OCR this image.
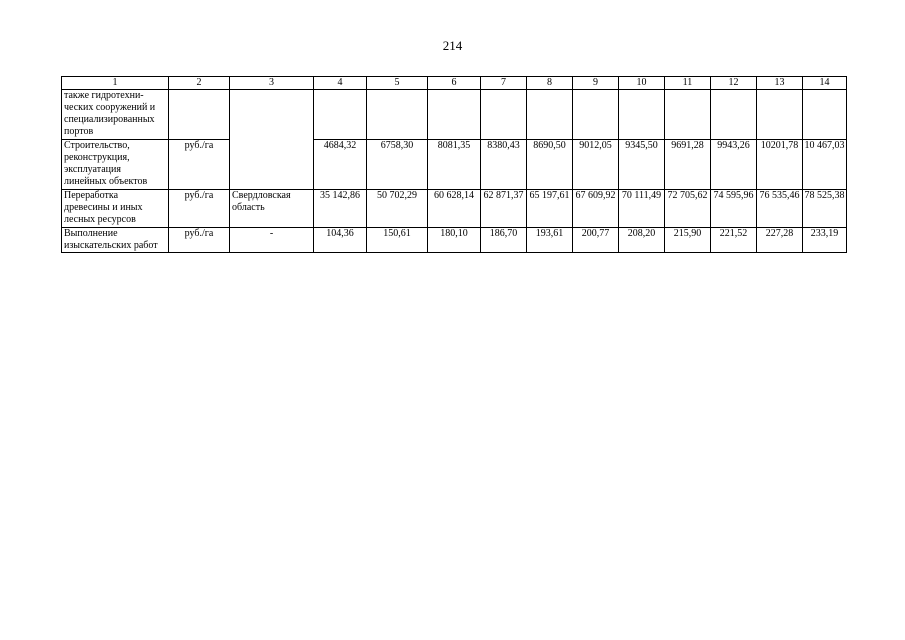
214
1	2	3	4	5	6	7	8	9	10	11	12	13	14
также гидротехни-ческих сооружений и специализированных портов													
Строительство, реконструкция, эксплуатация линейных объектов	руб./га		4684,32	6758,30	8081,35	8380,43	8690,50	9012,05	9345,50	9691,28	9943,26	10201,78	10 467,03
Переработка древесины и иных лесных ресурсов	руб./га	Свердловская область	35 142,86	50 702,29	60 628,14	62 871,37	65 197,61	67 609,92	70 111,49	72 705,62	74 595,96	76 535,46	78 525,38
Выполнение изыскательских работ	руб./га	-	104,36	150,61	180,10	186,70	193,61	200,77	208,20	215,90	221,52	227,28	233,19
